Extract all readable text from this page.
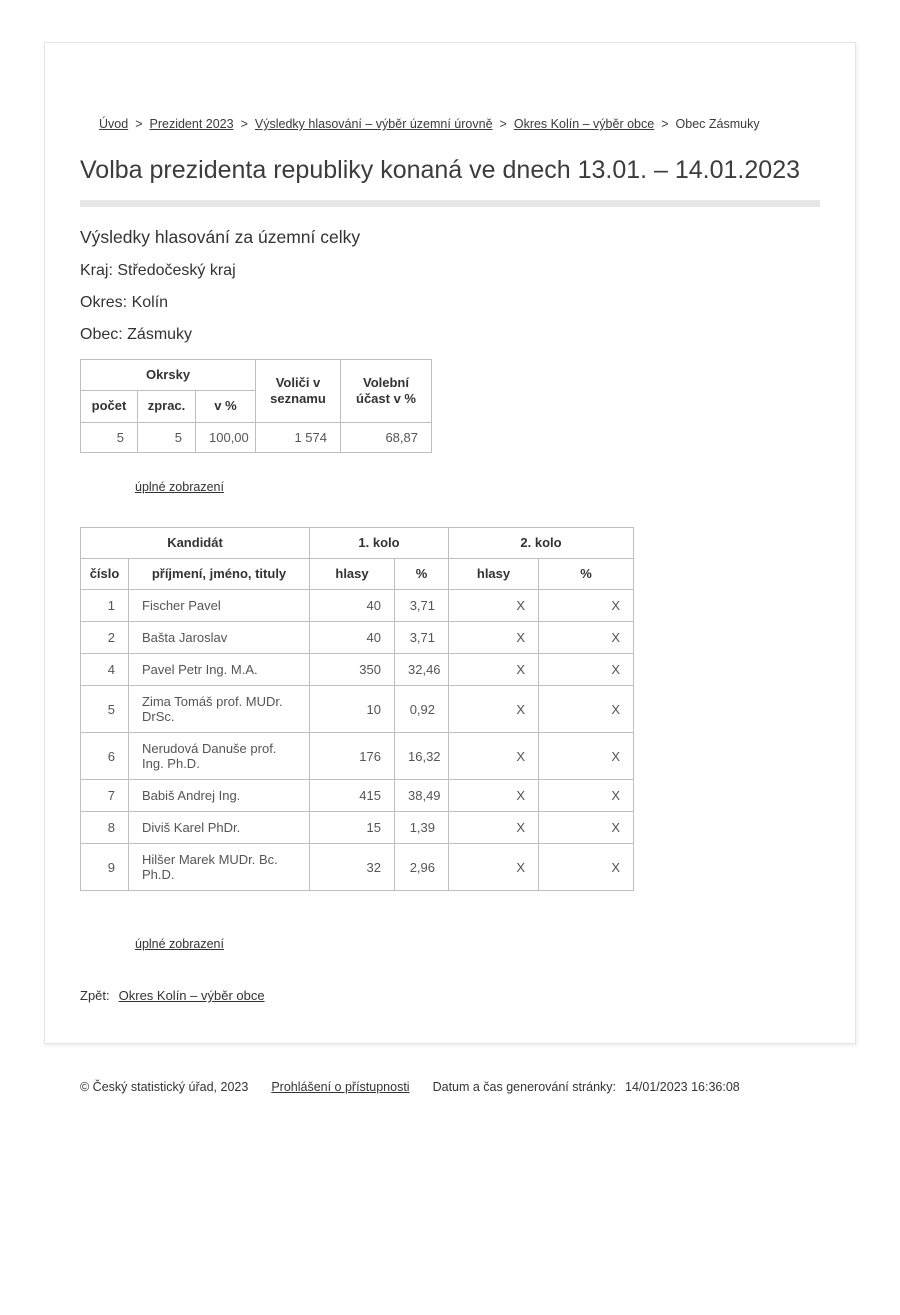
Úvod > Prezident 2023 > Výsledky hlasování – výběr územní úrovně > Okres Kolín – výběr obce > Obec Zásmuky
Volba prezidenta republiky konaná ve dnech 13.01. – 14.01.2023
Výsledky hlasování za územní celky
Kraj: Středočeský kraj
Okres: Kolín
Obec: Zásmuky
Okrsky			Voliči v seznamu	Volební účast v %
počet	zprac.	v %		
5	5	100,00	1 574	68,87
úplné zobrazení
Kandidát		1. kolo		2. kolo	
číslo	příjmení, jméno, tituly	hlasy	%	hlasy	%
1	Fischer Pavel	40	3,71	X	X
2	Bašta Jaroslav	40	3,71	X	X
4	Pavel Petr Ing. M.A.	350	32,46	X	X
5	Zima Tomáš prof. MUDr. DrSc.	10	0,92	X	X
6	Nerudová Danuše prof. Ing. Ph.D.	176	16,32	X	X
7	Babiš Andrej Ing.	415	38,49	X	X
8	Diviš Karel PhDr.	15	1,39	X	X
9	Hilšer Marek MUDr. Bc. Ph.D.	32	2,96	X	X
úplné zobrazení
Zpět: Okres Kolín – výběr obce
© Český statistický úřad, 2023 Prohlášení o přístupnosti Datum a čas generování stránky: 14/01/2023 16:36:08
